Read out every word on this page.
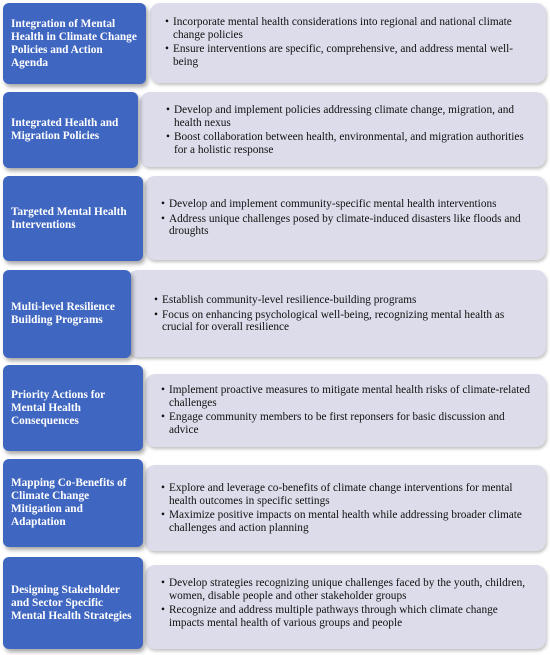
• Incorporate mental health considerations into regional and national climate change policies
• Ensure interventions are specific, comprehensive, and address mental well-being
Integration of Mental Health in Climate Change Policies and Action Agenda
• Develop and implement policies addressing climate change, migration, and health nexus
• Boost collaboration between health, environmental, and migration authorities for a holistic response
Integrated Health and Migration Policies
• Develop and implement community-specific mental health interventions
• Address unique challenges posed by climate-induced disasters like floods and droughts
Targeted Mental Health Interventions
• Establish community-level resilience-building programs
• Focus on enhancing psychological well-being, recognizing mental health as crucial for overall resilience
Multi-level Resilience Building Programs
• Implement proactive measures to mitigate mental health risks of climate-related challenges
• Engage community members to be first reponsers for basic discussion and advice
Priority Actions for Mental Health Consequences
• Explore and leverage co-benefits of climate change interventions for mental health outcomes in specific settings
• Maximize positive impacts on mental health while addressing broader climate challenges and action planning
Mapping Co-Benefits of Climate Change Mitigation and Adaptation
• Develop strategies recognizing unique challenges faced by the youth, children, women, disable people and other stakeholder groups
• Recognize and address multiple pathways through which climate change impacts mental health of various groups and people
Designing Stakeholder and Sector Specific Mental Health Strategies
